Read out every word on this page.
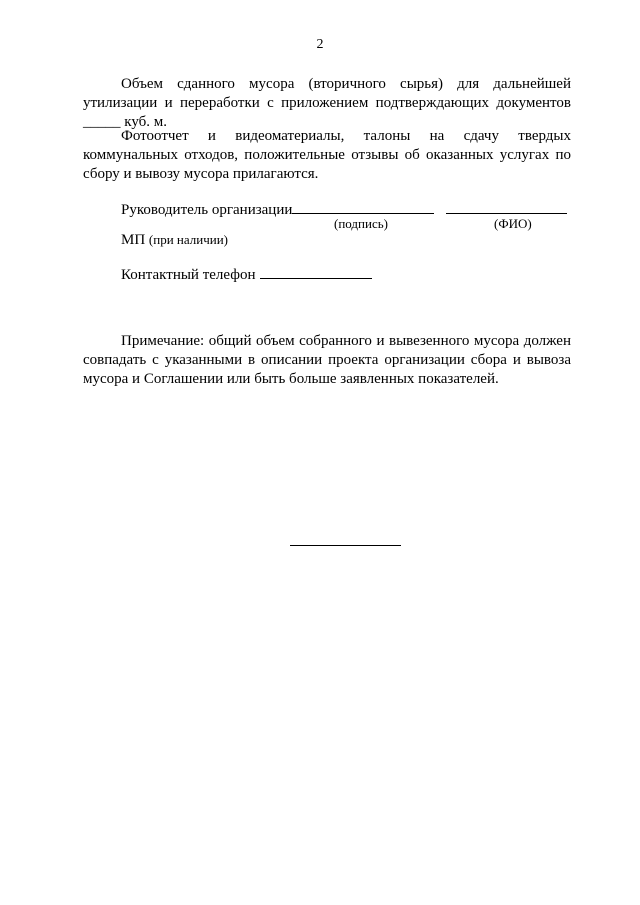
2

Объем сданного мусора (вторичного сырья) для дальнейшей утилизации и переработки с приложением подтверждающих документов _____ куб. м.

Фотоотчет и видеоматериалы, талоны на сдачу твердых коммунальных отходов, положительные отзывы об оказанных услугах по сбору и вывозу мусора прилагаются.

Руководитель организации
(подпись)	(ФИО)
МП (при наличии)
Контактный телефон

Примечание: общий объем собранного и вывезенного мусора должен совпадать с указанными в описании проекта организации сбора и вывоза мусора и Соглашении или быть больше заявленных показателей.
